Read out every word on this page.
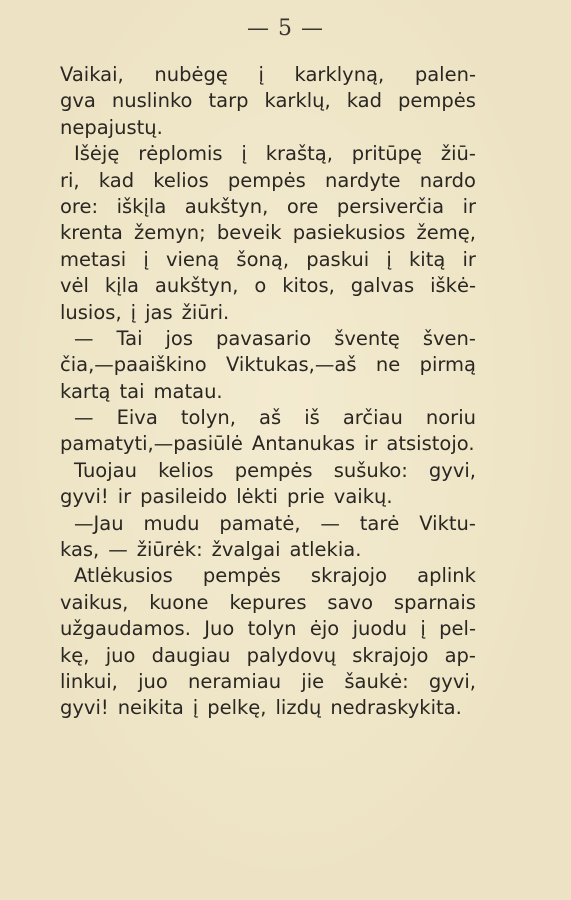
— 5 —
Vaikai, nubėgę į karklyną, palen-
gva nuslinko tarp karklų, kad pempės
nepajustų.
Išėję rėplomis į kraštą, pritūpę žiū-
ri, kad kelios pempės nardyte nardo
ore: iškįla aukštyn, ore persiverčia ir
krenta žemyn; beveik pasiekusios žemę,
metasi į vieną šoną, paskui į kitą ir
vėl kįla aukštyn, o kitos, galvas iškė-
lusios, į jas žiūri.
— Tai jos pavasario šventę šven-
čia,—paaiškino Viktukas,—aš ne pirmą
kartą tai matau.
— Eiva tolyn, aš iš arčiau noriu
pamatyti,—pasiūlė Antanukas ir atsistojo.
Tuojau kelios pempės sušuko: gyvi,
gyvi! ir pasileido lėkti prie vaikų.
—Jau mudu pamatė, — tarė Viktu-
kas, — žiūrėk: žvalgai atlekia.
Atlėkusios pempės skrajojo aplink
vaikus, kuone kepures savo sparnais
užgaudamos. Juo tolyn ėjo juodu į pel-
kę, juo daugiau palydovų skrajojo ap-
linkui, juo neramiau jie šaukė: gyvi,
gyvi! neikita į pelkę, lizdų nedraskykita.
